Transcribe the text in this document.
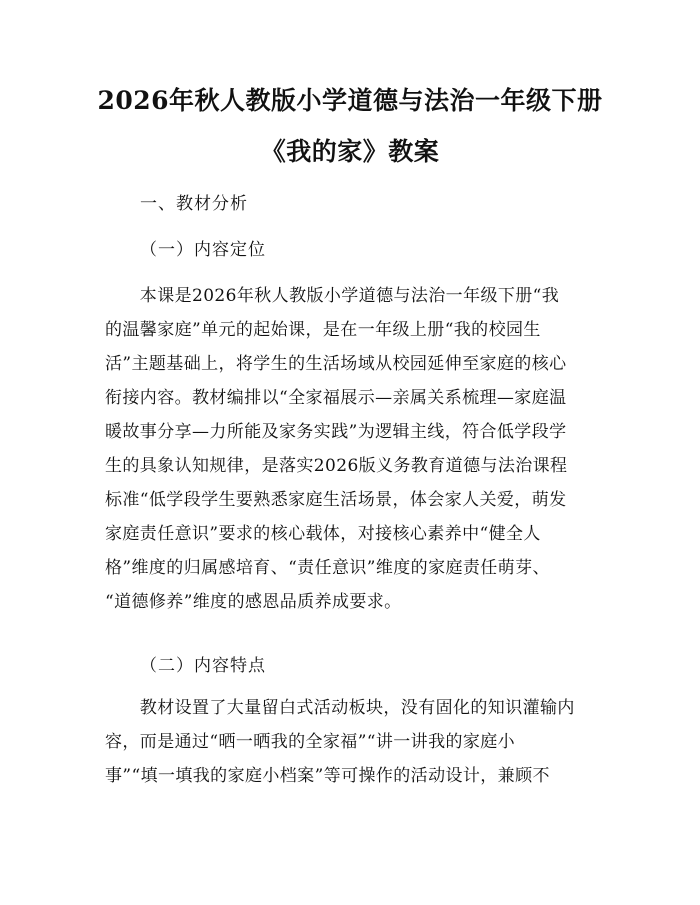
2026年秋人教版小学道德与法治一年级下册
《我的家》教案
一、教材分析
（一）内容定位
　　本课是2026年秋人教版小学道德与法治一年级下册“我
的温馨家庭”单元的起始课，是在一年级上册“我的校园生
活”主题基础上，将学生的生活场域从校园延伸至家庭的核心
衔接内容。教材编排以“全家福展示—亲属关系梳理—家庭温
暖故事分享—力所能及家务实践”为逻辑主线，符合低学段学
生的具象认知规律，是落实2026版义务教育道德与法治课程
标准“低学段学生要熟悉家庭生活场景，体会家人关爱，萌发
家庭责任意识”要求的核心载体，对接核心素养中“健全人
格”维度的归属感培育、“责任意识”维度的家庭责任萌芽、
“道德修养”维度的感恩品质养成要求。
（二）内容特点
　　教材设置了大量留白式活动板块，没有固化的知识灌输内
容，而是通过“晒一晒我的全家福”“讲一讲我的家庭小
事”“填一填我的家庭小档案”等可操作的活动设计，兼顾不
